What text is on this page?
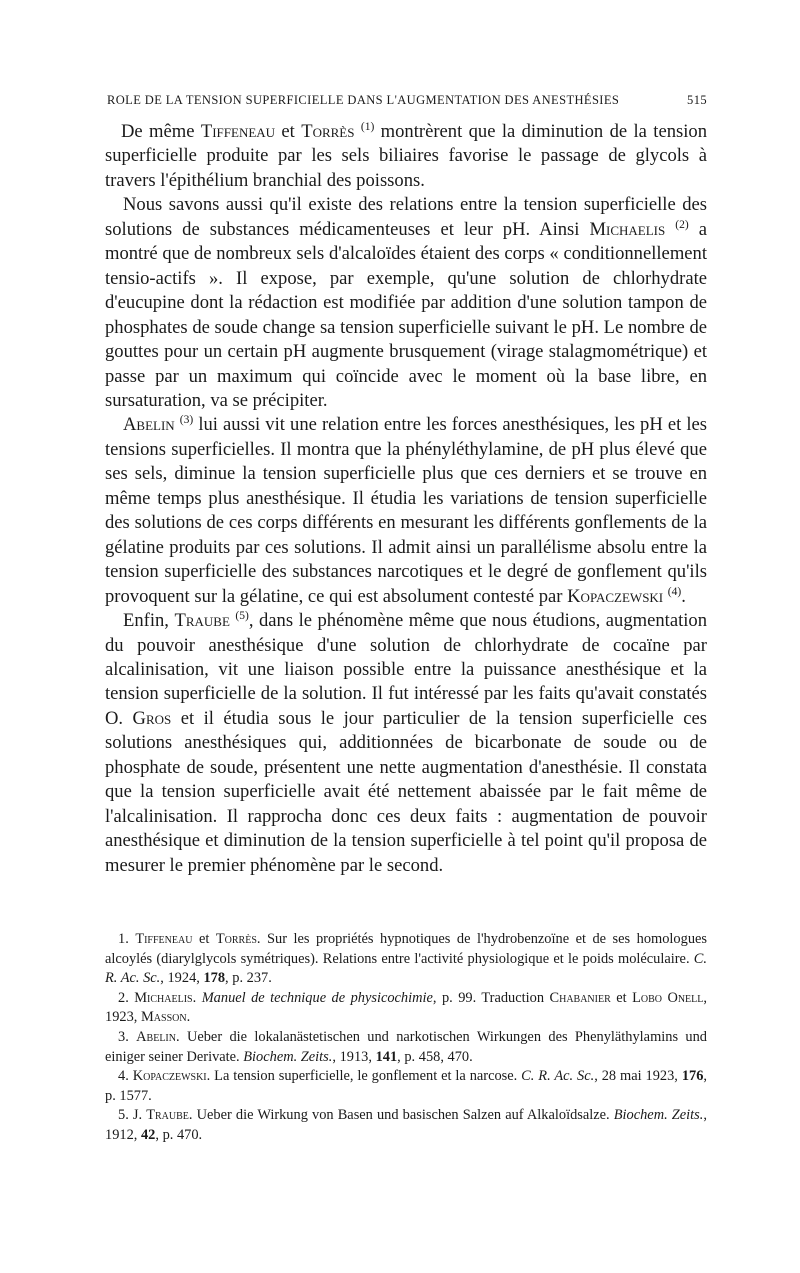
ROLE DE LA TENSION SUPERFICIELLE DANS L'AUGMENTATION DES ANESTHÉSIES	515

De même Tiffeneau et Torrès $^{(1)}$ montrèrent que la diminution de la tension superficielle produite par les sels biliaires favorise le passage de glycols à travers l'épithélium branchial des poissons.

Nous savons aussi qu'il existe des relations entre la tension superficielle des solutions de substances médicamenteuses et leur pH. Ainsi Michaelis $^{(2)}$ a montré que de nombreux sels d'alcaloïdes étaient des corps « conditionnellement tensio-actifs ». Il expose, par exemple, qu'une solution de chlorhydrate d'eucupine dont la rédaction est modifiée par addition d'une solution tampon de phosphates de soude change sa tension superficielle suivant le pH. Le nombre de gouttes pour un certain pH augmente brusquement (virage stalagmométrique) et passe par un maximum qui coïncide avec le moment où la base libre, en sursaturation, va se précipiter.

Abelin $^{(3)}$ lui aussi vit une relation entre les forces anesthésiques, les pH et les tensions superficielles. Il montra que la phényléthylamine, de pH plus élevé que ses sels, diminue la tension superficielle plus que ces derniers et se trouve en même temps plus anesthésique. Il étudia les variations de tension superficielle des solutions de ces corps différents en mesurant les différents gonflements de la gélatine produits par ces solutions. Il admit ainsi un parallélisme absolu entre la tension superficielle des substances narcotiques et le degré de gonflement qu'ils provoquent sur la gélatine, ce qui est absolument contesté par Kopaczewski $^{(4)}$.

Enfin, Traube $^{(5)}$, dans le phénomène même que nous étudions, augmentation du pouvoir anesthésique d'une solution de chlorhydrate de cocaïne par alcalinisation, vit une liaison possible entre la puissance anesthésique et la tension superficielle de la solution. Il fut intéressé par les faits qu'avait constatés O. Gros et il étudia sous le jour particulier de la tension superficielle ces solutions anesthésiques qui, additionnées de bicarbonate de soude ou de phosphate de soude, présentent une nette augmentation d'anesthésie. Il constata que la tension superficielle avait été nettement abaissée par le fait même de l'alcalinisation. Il rapprocha donc ces deux faits : augmentation de pouvoir anesthésique et diminution de la tension superficielle à tel point qu'il proposa de mesurer le premier phénomène par le second.

1. Tiffeneau et Torrès. Sur les propriétés hypnotiques de l'hydrobenzoïne et de ses homologues alcoylés (diarylglycols symétriques). Relations entre l'activité physiologique et le poids moléculaire. C. R. Ac. Sc., 1924, 178, p. 237.

2. Michaelis. Manuel de technique de physicochimie, p. 99. Traduction Chabanier et Lobo Onell, 1923, Masson.

3. Abelin. Ueber die lokalanästetischen und narkotischen Wirkungen des Phenyläthylamins und einiger seiner Derivate. Biochem. Zeits., 1913, 141, p. 458, 470.

4. Kopaczewski. La tension superficielle, le gonflement et la narcose. C. R. Ac. Sc., 28 mai 1923, 176, p. 1577.

5. J. Traube. Ueber die Wirkung von Basen und basischen Salzen auf Alkaloïdsalze. Biochem. Zeits., 1912, 42, p. 470.
